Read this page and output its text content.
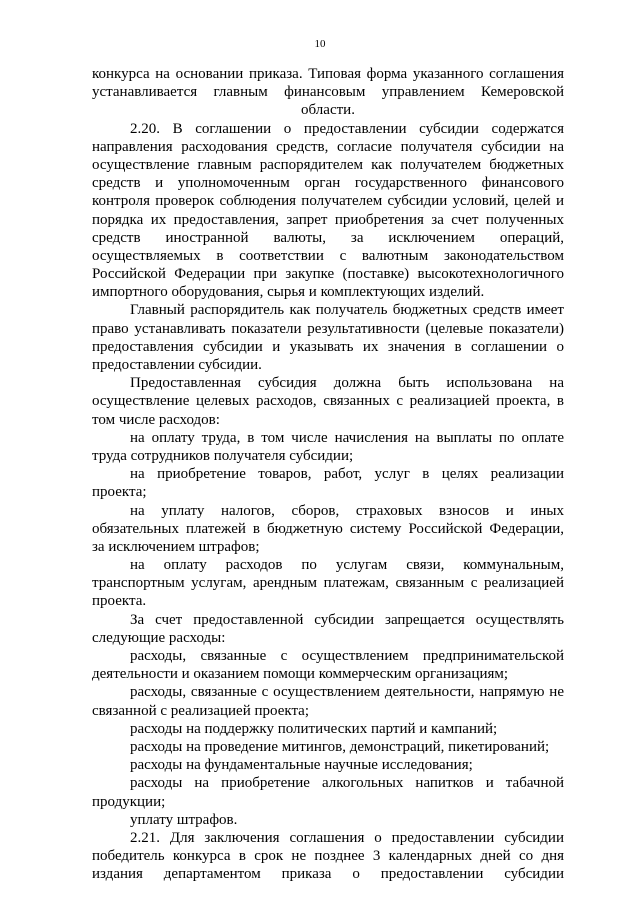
10
конкурса на основании приказа. Типовая форма указанного соглашения
устанавливается главным финансовым управлением Кемеровской
области.
2.20. В соглашении о предоставлении субсидии содержатся
направления расходования средств, согласие получателя субсидии на
осуществление главным распорядителем как получателем бюджетных
средств и уполномоченным орган государственного финансового
контроля проверок соблюдения получателем субсидии условий, целей и
порядка их предоставления, запрет приобретения за счет полученных
средств иностранной валюты, за исключением операций,
осуществляемых в соответствии с валютным законодательством
Российской Федерации при закупке (поставке) высокотехнологичного
импортного оборудования, сырья и комплектующих изделий.
Главный распорядитель как получатель бюджетных средств имеет
право устанавливать показатели результативности (целевые показатели)
предоставления субсидии и указывать их значения в соглашении о
предоставлении субсидии.
Предоставленная субсидия должна быть использована на
осуществление целевых расходов, связанных с реализацией проекта, в
том числе расходов:
на оплату труда, в том числе начисления на выплаты по оплате
труда сотрудников получателя субсидии;
на приобретение товаров, работ, услуг в целях реализации
проекта;
на уплату налогов, сборов, страховых взносов и иных
обязательных платежей в бюджетную систему Российской Федерации,
за исключением штрафов;
на оплату расходов по услугам связи, коммунальным,
транспортным услугам, арендным платежам, связанным с реализацией
проекта.
За счет предоставленной субсидии запрещается осуществлять
следующие расходы:
расходы, связанные с осуществлением предпринимательской
деятельности и оказанием помощи коммерческим организациям;
расходы, связанные с осуществлением деятельности, напрямую не
связанной с реализацией проекта;
расходы на поддержку политических партий и кампаний;
расходы на проведение митингов, демонстраций, пикетирований;
расходы на фундаментальные научные исследования;
расходы на приобретение алкогольных напитков и табачной
продукции;
уплату штрафов.
2.21. Для заключения соглашения о предоставлении субсидии
победитель конкурса в срок не позднее 3 календарных дней со дня
издания департаментом приказа о предоставлении субсидии
